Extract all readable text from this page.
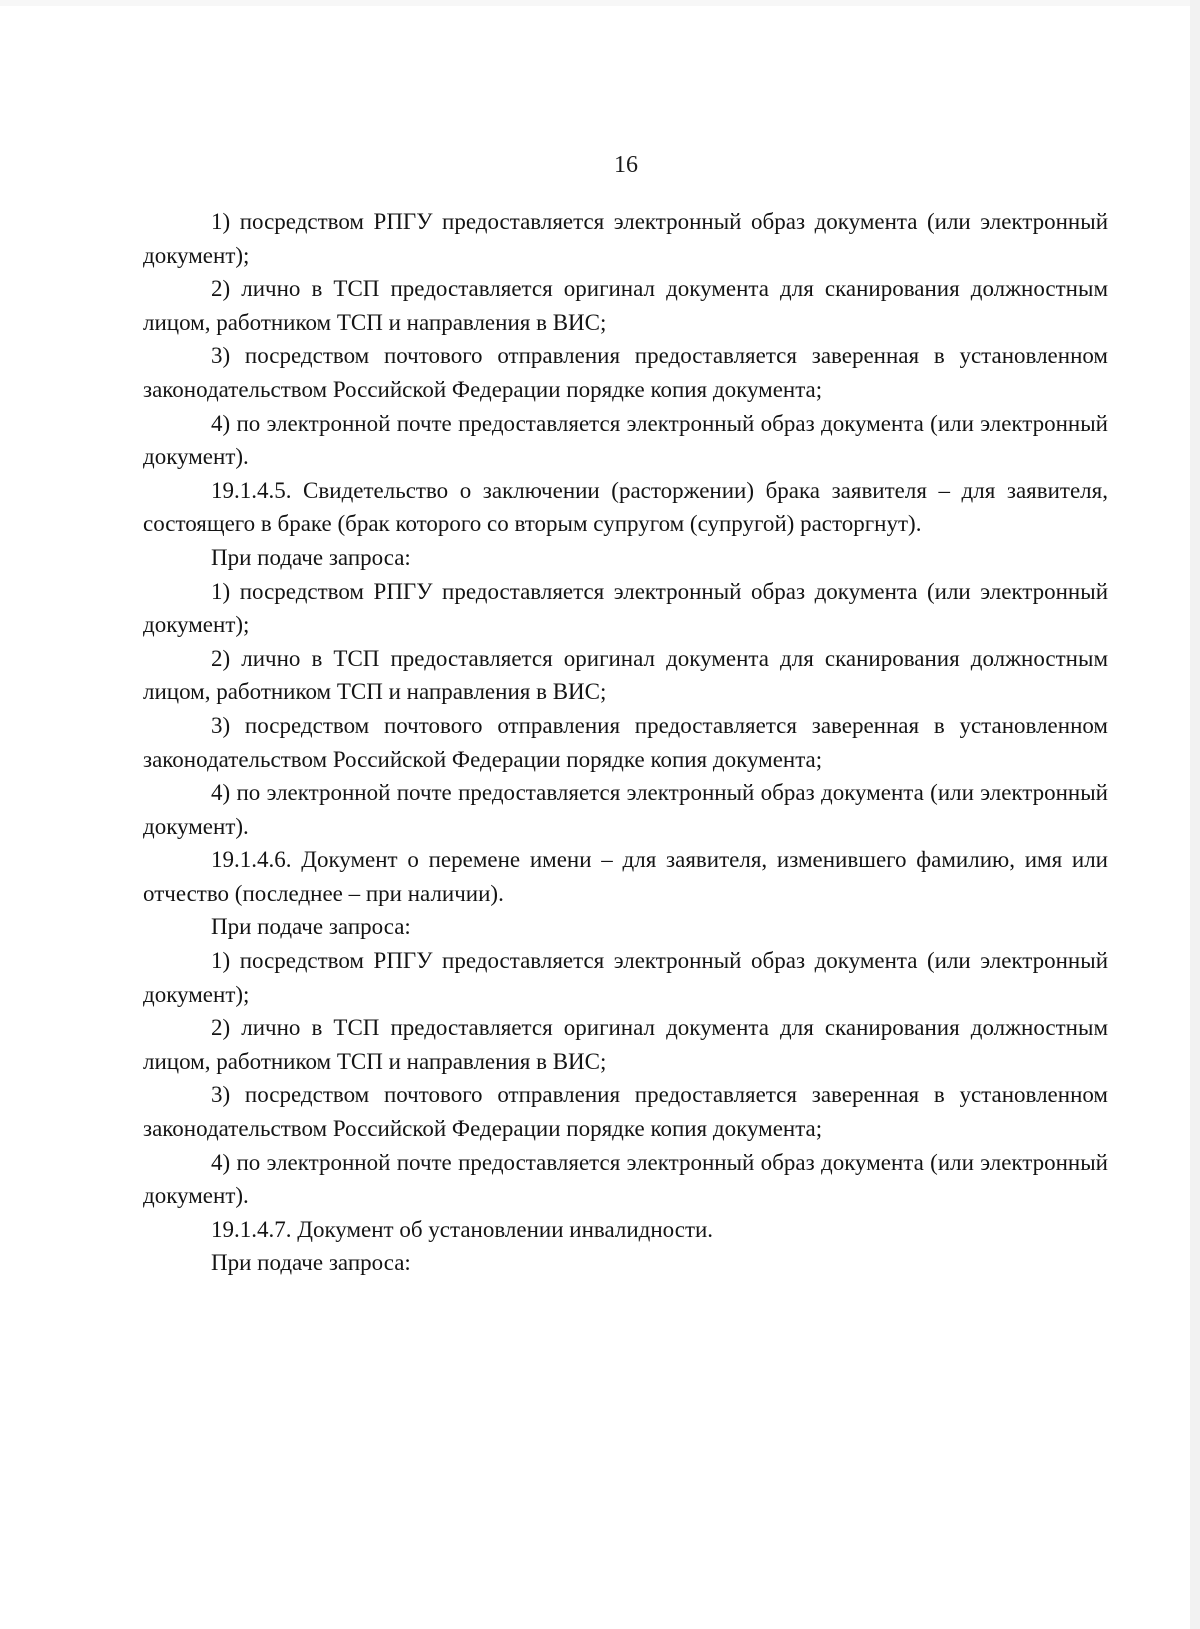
16

1) посредством РПГУ предоставляется электронный образ документа (или электронный документ);

2) лично в ТСП предоставляется оригинал документа для сканирования должностным лицом, работником ТСП и направления в ВИС;

3) посредством почтового отправления предоставляется заверенная в установленном законодательством Российской Федерации порядке копия документа;

4) по электронной почте предоставляется электронный образ документа (или электронный документ).

19.1.4.5. Свидетельство о заключении (расторжении) брака заявителя – для заявителя, состоящего в браке (брак которого со вторым супругом (супругой) расторгнут).

При подаче запроса:

1) посредством РПГУ предоставляется электронный образ документа (или электронный документ);

2) лично в ТСП предоставляется оригинал документа для сканирования должностным лицом, работником ТСП и направления в ВИС;

3) посредством почтового отправления предоставляется заверенная в установленном законодательством Российской Федерации порядке копия документа;

4) по электронной почте предоставляется электронный образ документа (или электронный документ).

19.1.4.6. Документ о перемене имени – для заявителя, изменившего фамилию, имя или отчество (последнее – при наличии).

При подаче запроса:

1) посредством РПГУ предоставляется электронный образ документа (или электронный документ);

2) лично в ТСП предоставляется оригинал документа для сканирования должностным лицом, работником ТСП и направления в ВИС;

3) посредством почтового отправления предоставляется заверенная в установленном законодательством Российской Федерации порядке копия документа;

4) по электронной почте предоставляется электронный образ документа (или электронный документ).

19.1.4.7. Документ об установлении инвалидности.

При подаче запроса:
